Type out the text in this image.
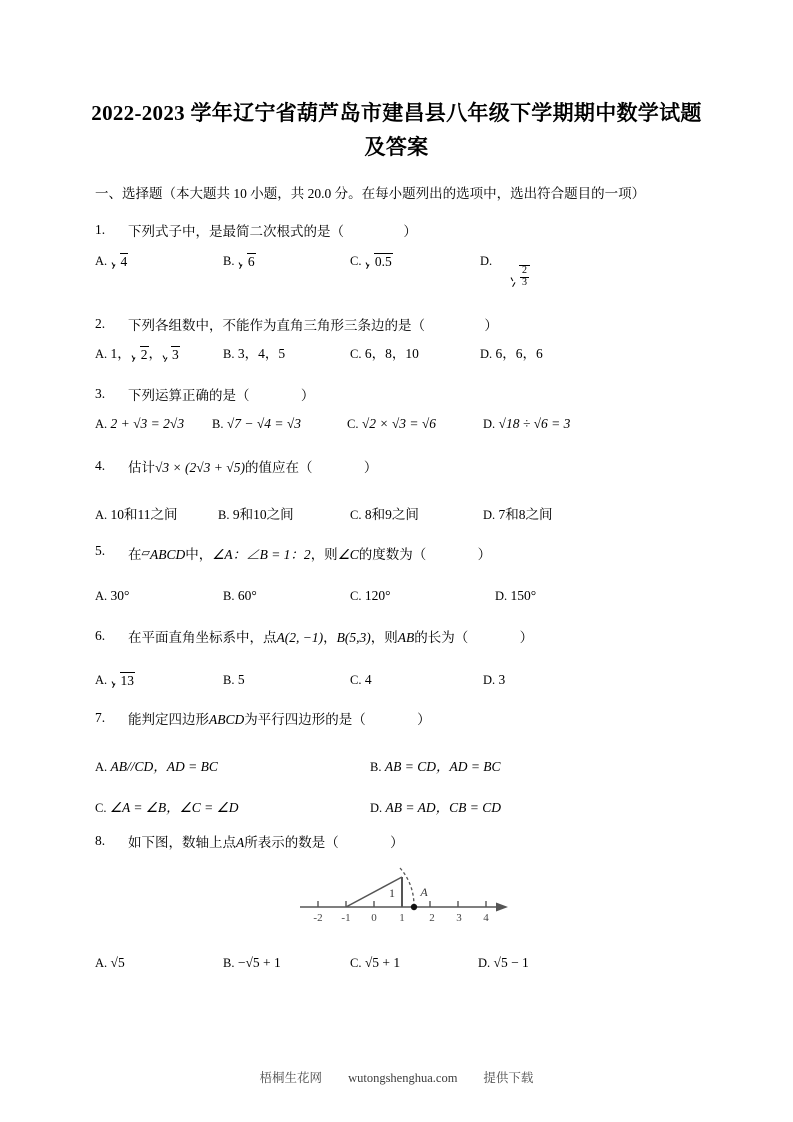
2022-2023 学年辽宁省葫芦岛市建昌县八年级下学期期中数学试题
及答案
一、选择题（本大题共 10 小题，共 20.0 分。在每小题列出的选项中，选出符合题目的一项）
1. 下列式子中，是最简二次根式的是（	）
A. 4	B. 6	C. 0.5	D.
$\frac{2}{3}$
2. 下列各组数中，不能作为直角三角形三条边的是（	）
A. 1， 2， 3	B. 3，4，5	C. 6，8，10	D. 6，6，6
3. 下列运算正确的是（	）
A. 2 + √3 = 2√3 B. √7 − √4 = √3	C. √2 × √3 = √6	D. √18 ÷ √6 = 3
4. 估计√3 × (2√3 + √5)的值应在（	）
A. 10和11之间	B. 9和10之间	C. 8和9之间	D. 7和8之间
5. 在▱ABCD中，∠A：∠B = 1：2，则∠C的度数为（	）
A. 30°	B. 60°	C. 120°	D. 150°
6. 在平面直角坐标系中，点A(2, −1)，B(5,3)，则AB的长为（	）
A. 13	B. 5	C. 4	D. 3
7. 能判定四边形ABCD为平行四边形的是（	）
A. AB//CD，AD = BC	B. AB = CD，AD = BC
C. ∠A = ∠B，∠C = ∠D	D. AB = AD，CB = CD
8. 如下图，数轴上点A所表示的数是（	）
-2 -1 0 1 2 3 4
1 A
A. √5	B. −√5 + 1	C. √5 + 1	D. √5 − 1
梧桐生花网 wutongshenghua.com 提供下载
